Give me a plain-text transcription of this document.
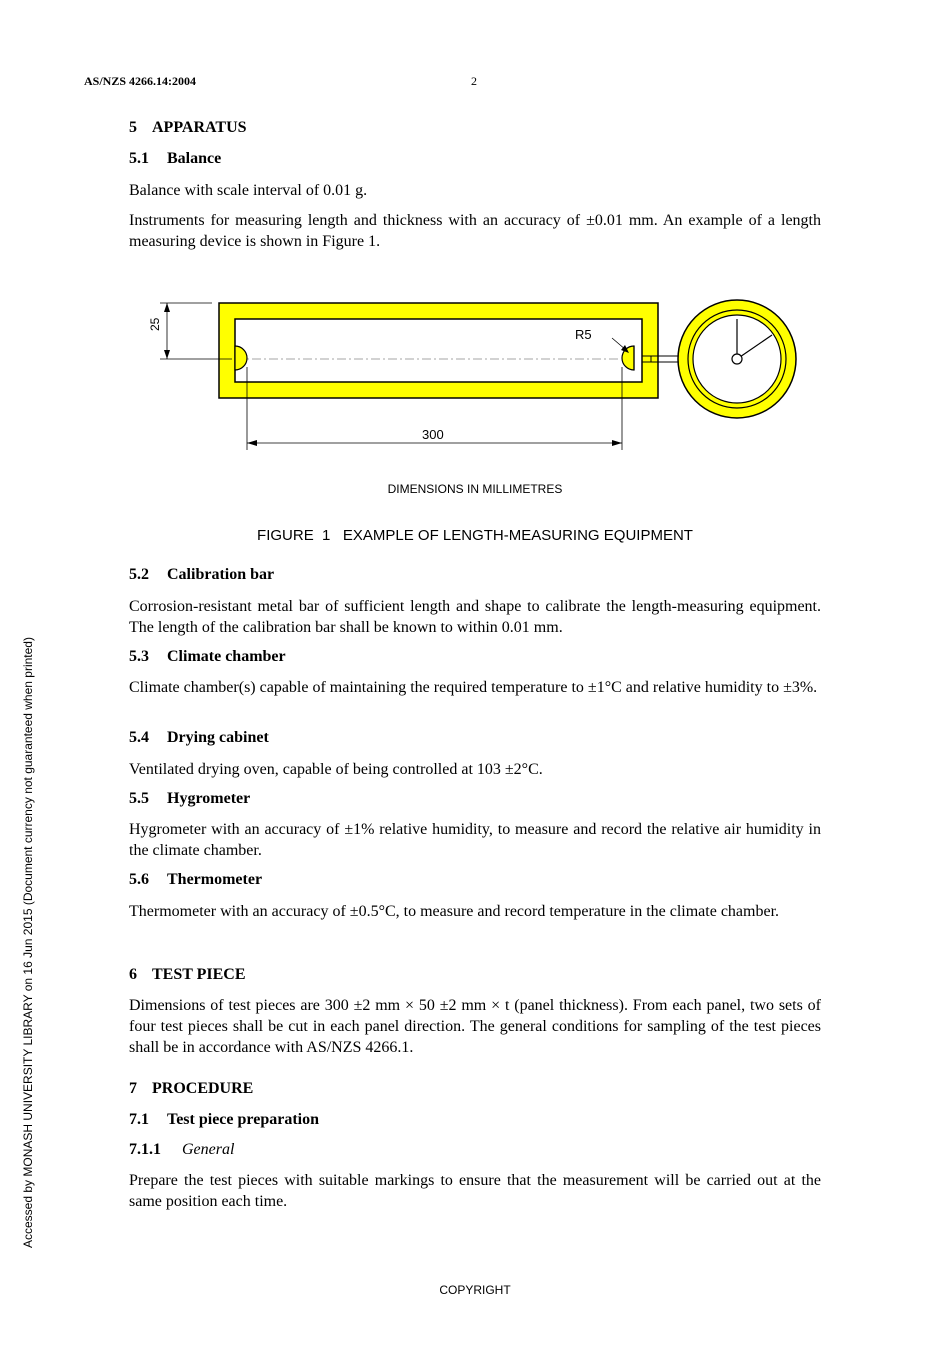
AS/NZS 4266.14:2004	2
Accessed by MONASH UNIVERSITY LIBRARY on 16 Jun 2015 (Document currency not guaranteed when printed)
5 APPARATUS
5.1 Balance
Balance with scale interval of 0.01 g.
Instruments for measuring length and thickness with an accuracy of ±0.01 mm. An example of a length measuring device is shown in Figure 1.
25
R5
300
DIMENSIONS IN MILLIMETRES
FIGURE  1   EXAMPLE OF LENGTH-MEASURING EQUIPMENT
5.2 Calibration bar
Corrosion-resistant metal bar of sufficient length and shape to calibrate the length-measuring equipment. The length of the calibration bar shall be known to within 0.01 mm.
5.3 Climate chamber
Climate chamber(s) capable of maintaining the required temperature to ±1°C and relative humidity to ±3%.
5.4 Drying cabinet
Ventilated drying oven, capable of being controlled at 103 ±2°C.
5.5 Hygrometer
Hygrometer with an accuracy of ±1% relative humidity, to measure and record the relative air humidity in the climate chamber.
5.6 Thermometer
Thermometer with an accuracy of ±0.5°C, to measure and record temperature in the climate chamber.
6 TEST PIECE
Dimensions of test pieces are 300 ±2 mm × 50 ±2 mm × t (panel thickness). From each panel, two sets of four test pieces shall be cut in each panel direction. The general conditions for sampling of the test pieces shall be in accordance with AS/NZS 4266.1.
7 PROCEDURE
7.1 Test piece preparation
7.1.1 General
Prepare the test pieces with suitable markings to ensure that the measurement will be carried out at the same position each time.
COPYRIGHT
